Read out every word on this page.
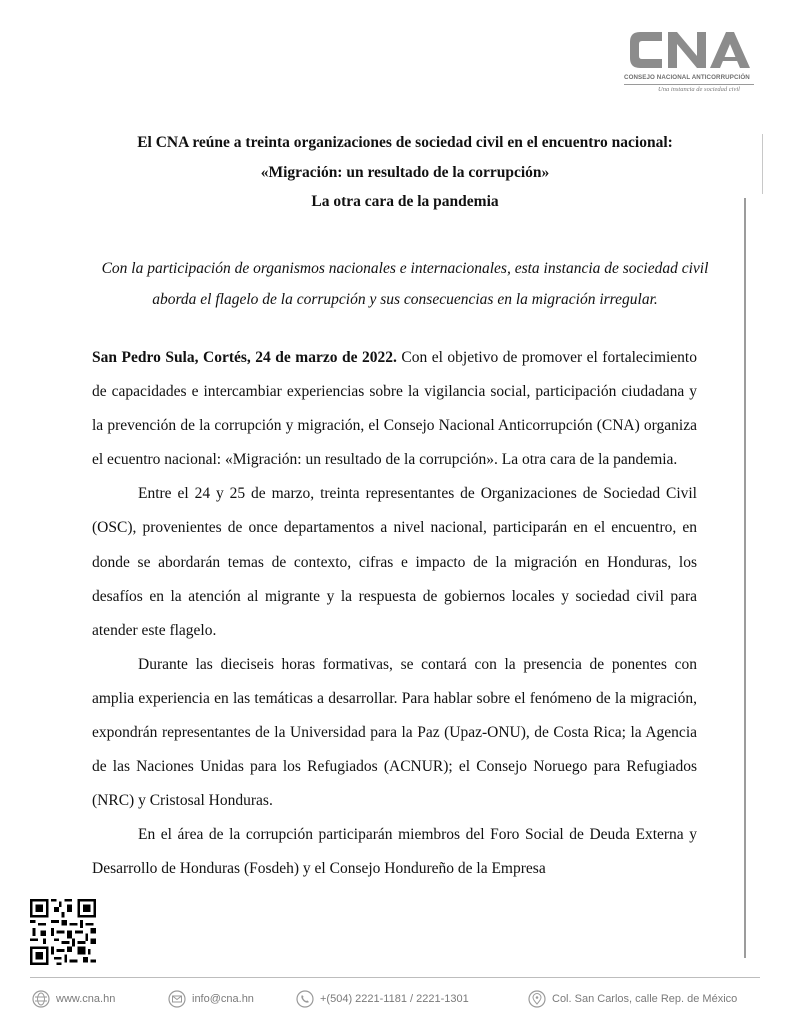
CONSEJO NACIONAL ANTICORRUPCIÓN
Una instancia de sociedad civil
El CNA reúne a treinta organizaciones de sociedad civil en el encuentro nacional:
«Migración: un resultado de la corrupción»
La otra cara de la pandemia
Con la participación de organismos nacionales e internacionales, esta instancia de sociedad civil
aborda el flagelo de la corrupción y sus consecuencias en la migración irregular.

San Pedro Sula, Cortés, 24 de marzo de 2022. Con el objetivo de promover el fortalecimiento de capacidades e intercambiar experiencias sobre la vigilancia social, participación ciudadana y la prevención de la corrupción y migración, el Consejo Nacional Anticorrupción (CNA) organiza el ecuentro nacional: «Migración: un resultado de la corrupción». La otra cara de la pandemia.

Entre el 24 y 25 de marzo, treinta representantes de Organizaciones de Sociedad Civil (OSC), provenientes de once departamentos a nivel nacional, participarán en el encuentro, en donde se abordarán temas de contexto, cifras e impacto de la migración en Honduras, los desafíos en la atención al migrante y la respuesta de gobiernos locales y sociedad civil para atender este flagelo.

Durante las dieciseis horas formativas, se contará con la presencia de ponentes con amplia experiencia en las temáticas a desarrollar. Para hablar sobre el fenómeno de la migración, expondrán representantes de la Universidad para la Paz (Upaz-ONU), de Costa Rica; la Agencia de las Naciones Unidas para los Refugiados (ACNUR); el Consejo Noruego para Refugiados (NRC) y Cristosal Honduras.

En el área de la corrupción participarán miembros del Foro Social de Deuda Externa y Desarrollo de Honduras (Fosdeh) y el Consejo Hondureño de la Empresa

www.cna.hn	info@cna.hn	+(504) 2221-1181 / 2221-1301	Col. San Carlos, calle Rep. de México
